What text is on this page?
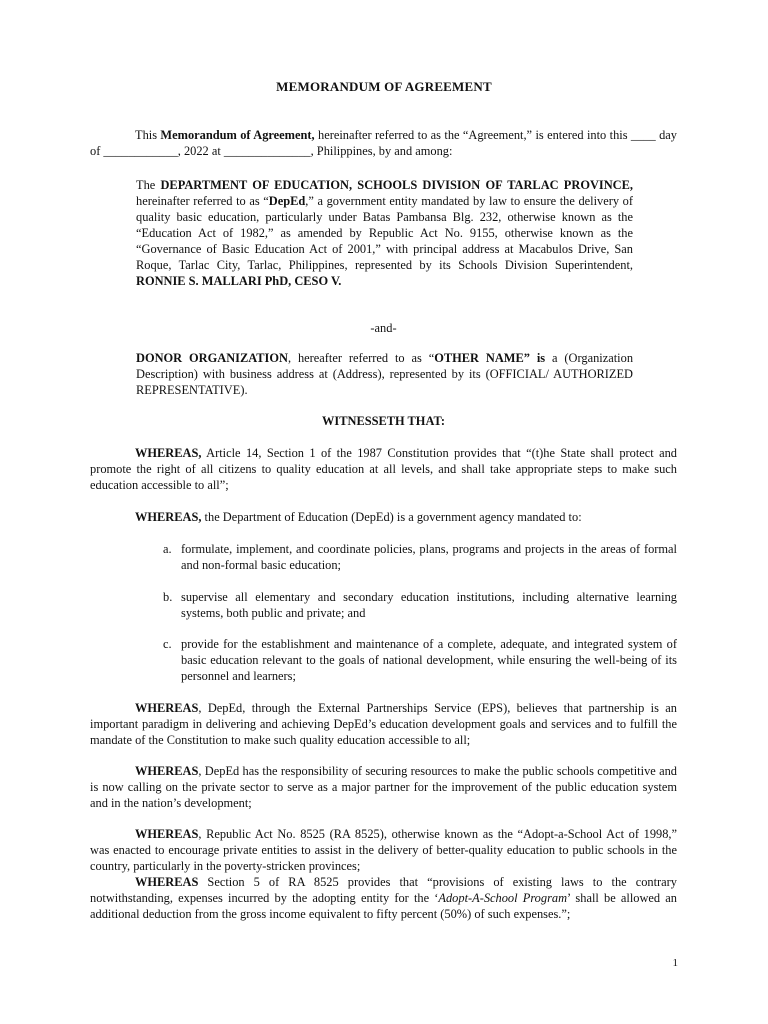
MEMORANDUM OF AGREEMENT
This Memorandum of Agreement, hereinafter referred to as the “Agreement,” is entered into this ____ day of ____________, 2022 at ______________, Philippines, by and among:
The DEPARTMENT OF EDUCATION, SCHOOLS DIVISION OF TARLAC PROVINCE, hereinafter referred to as “DepEd,” a government entity mandated by law to ensure the delivery of quality basic education, particularly under Batas Pambansa Blg. 232, otherwise known as the “Education Act of 1982,” as amended by Republic Act No. 9155, otherwise known as the “Governance of Basic Education Act of 2001,” with principal address at Macabulos Drive, San Roque, Tarlac City, Tarlac, Philippines, represented by its Schools Division Superintendent, RONNIE S. MALLARI PhD, CESO V.
-and-
DONOR ORGANIZATION, hereafter referred to as “OTHER NAME” is a (Organization Description) with business address at (Address), represented by its (OFFICIAL/ AUTHORIZED REPRESENTATIVE).
WITNESSETH THAT:
WHEREAS, Article 14, Section 1 of the 1987 Constitution provides that “(t)he State shall protect and promote the right of all citizens to quality education at all levels, and shall take appropriate steps to make such education accessible to all”;
WHEREAS, the Department of Education (DepEd) is a government agency mandated to:
a. formulate, implement, and coordinate policies, plans, programs and projects in the areas of formal and non-formal basic education;
b. supervise all elementary and secondary education institutions, including alternative learning systems, both public and private; and
c. provide for the establishment and maintenance of a complete, adequate, and integrated system of basic education relevant to the goals of national development, while ensuring the well-being of its personnel and learners;
WHEREAS, DepEd, through the External Partnerships Service (EPS), believes that partnership is an important paradigm in delivering and achieving DepEd’s education development goals and services and to fulfill the mandate of the Constitution to make such quality education accessible to all;
WHEREAS, DepEd has the responsibility of securing resources to make the public schools competitive and is now calling on the private sector to serve as a major partner for the improvement of the public education system and in the nation’s development;
WHEREAS, Republic Act No. 8525 (RA 8525), otherwise known as the “Adopt-a-School Act of 1998,” was enacted to encourage private entities to assist in the delivery of better-quality education to public schools in the country, particularly in the poverty-stricken provinces;
WHEREAS Section 5 of RA 8525 provides that “provisions of existing laws to the contrary notwithstanding, expenses incurred by the adopting entity for the ‘Adopt-A-School Program’ shall be allowed an additional deduction from the gross income equivalent to fifty percent (50%) of such expenses.”;
1
